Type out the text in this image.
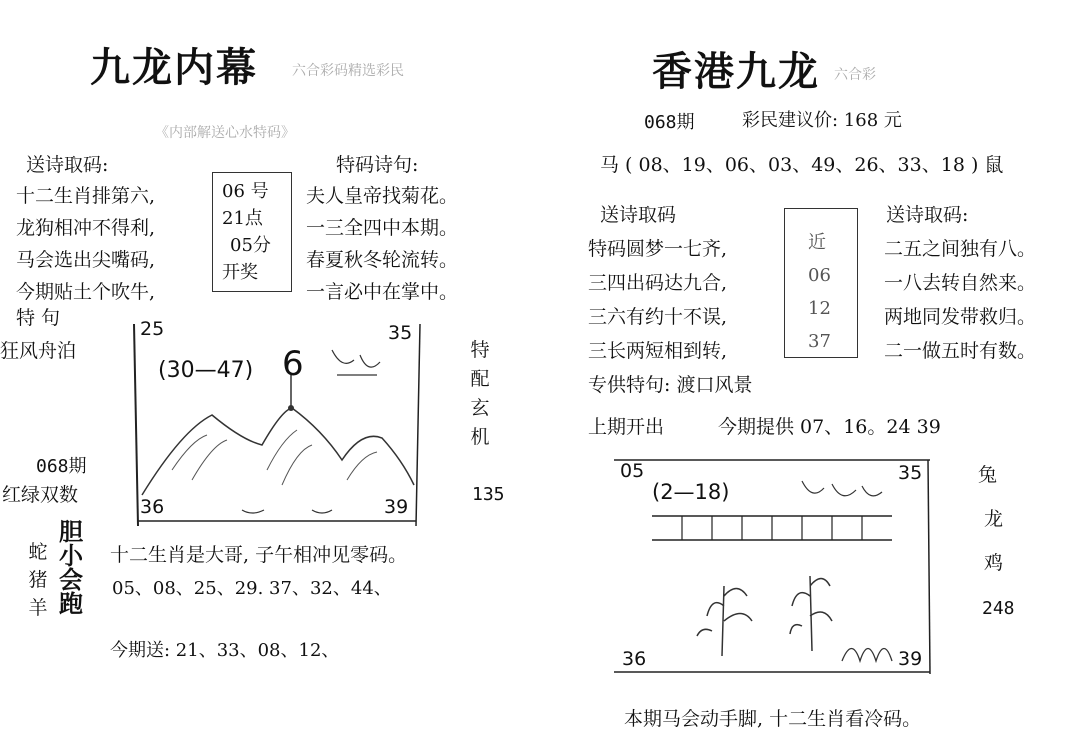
九龙内幕 六合彩码精选彩民
《内部解送心水特码》
送诗取码:	特码诗句:
十二生肖排第六,
龙狗相冲不得利,
马会选出尖嘴码,
今期贴土个吹牛,
06 号
21点
05分
开奖
夫人皇帝找菊花。
一三全四中本期。
春夏秋冬轮流转。
一言必中在掌中。
特 句
狂风舟泊
068期
红绿双数
25	35
36	39
(30—47) 6	特
配
玄
机
135
蛇
猪
羊
胆
小
会
跑
十二生肖是大哥, 子午相冲见零码。
05、08、25、29. 37、32、44、
今期送: 21、33、08、12、
香港九龙 六合彩
068期	彩民建议价: 168 元
马 ( 08、19、06、03、49、26、33、18 ) 鼠
送诗取码	送诗取码:
特码圆梦一七齐,
三四出码达九合,
三六有约十不误,
三长两短相到转,
近
06
12
37
二五之间独有八。
一八去转自然来。
两地同发带救归。
二一做五时有数。
专供特句: 渡口风景
上期开出	今期提供 07、16。24 39
05	35
36	39
(2—18)
兔
龙
鸡
248
本期马会动手脚, 十二生肖看冷码。
